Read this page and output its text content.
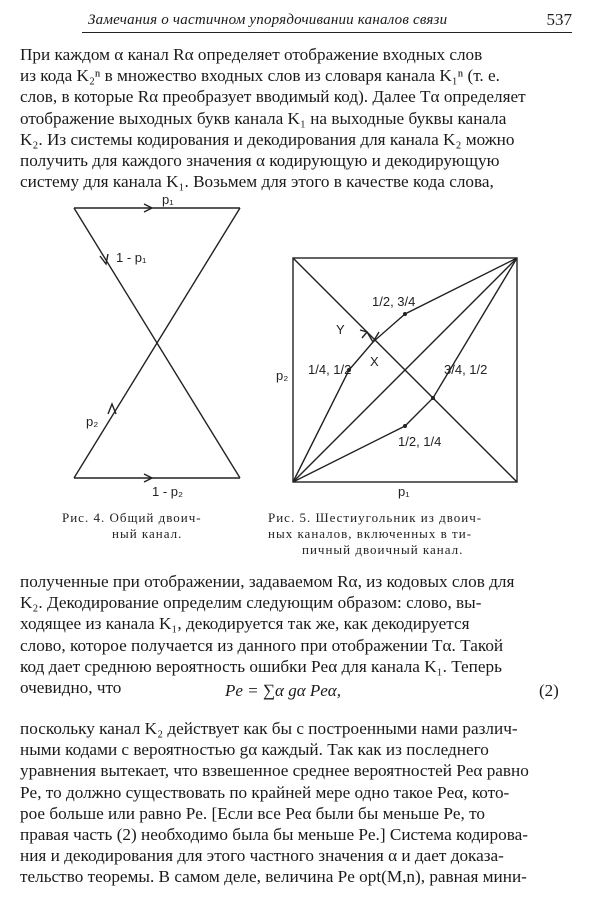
Замечания о частичном упорядочивании каналов связи	537
При каждом α канал Rα определяет отображение входных слов
из кода K₂ⁿ в множество входных слов из словаря канала K₁ⁿ (т. е.
слов, в которые Rα преобразует вводимый код). Далее Tα определяет
отображение выходных букв канала K₁ на выходные буквы канала
K₂. Из системы кодирования и декодирования для канала K₂ можно
получить для каждого значения α кодирующую и декодирующую
систему для канала K₁. Возьмем для этого в качестве кода слова,
p₁
1 - p₁
p₂
1 - p₂
p₂
p₁
Y
X
1/2, 3/4
1/4, 1/2	3/4, 1/2
1/2, 1/4
Рис. 4. Общий двоич-
ный канал.
Рис. 5. Шестиугольник из двоич-
ных каналов, включенных в ти-
пичный двоичный канал.
полученные при отображении, задаваемом Rα, из кодовых слов для
K₂. Декодирование определим следующим образом: слово, вы-
ходящее из канала K₁, декодируется так же, как декодируется
слово, которое получается из данного при отображении Tα. Такой
код дает среднюю вероятность ошибки Peα для канала K₁. Теперь
очевидно, что	Pe = ∑α gα Peα,	(2)
поскольку канал K₂ действует как бы с построенными нами различ-
ными кодами с вероятностью gα каждый. Так как из последнего
уравнения вытекает, что взвешенное среднее вероятностей Peα равно
Pe, то должно существовать по крайней мере одно такое Peα, кото-
рое больше или равно Pe. [Если все Peα были бы меньше Pe, то
правая часть (2) необходимо была бы меньше Pe.] Система кодирова-
ния и декодирования для этого частного значения α и дает доказа-
тельство теоремы. В самом деле, величина Pe opt(M,n), равная мини-
